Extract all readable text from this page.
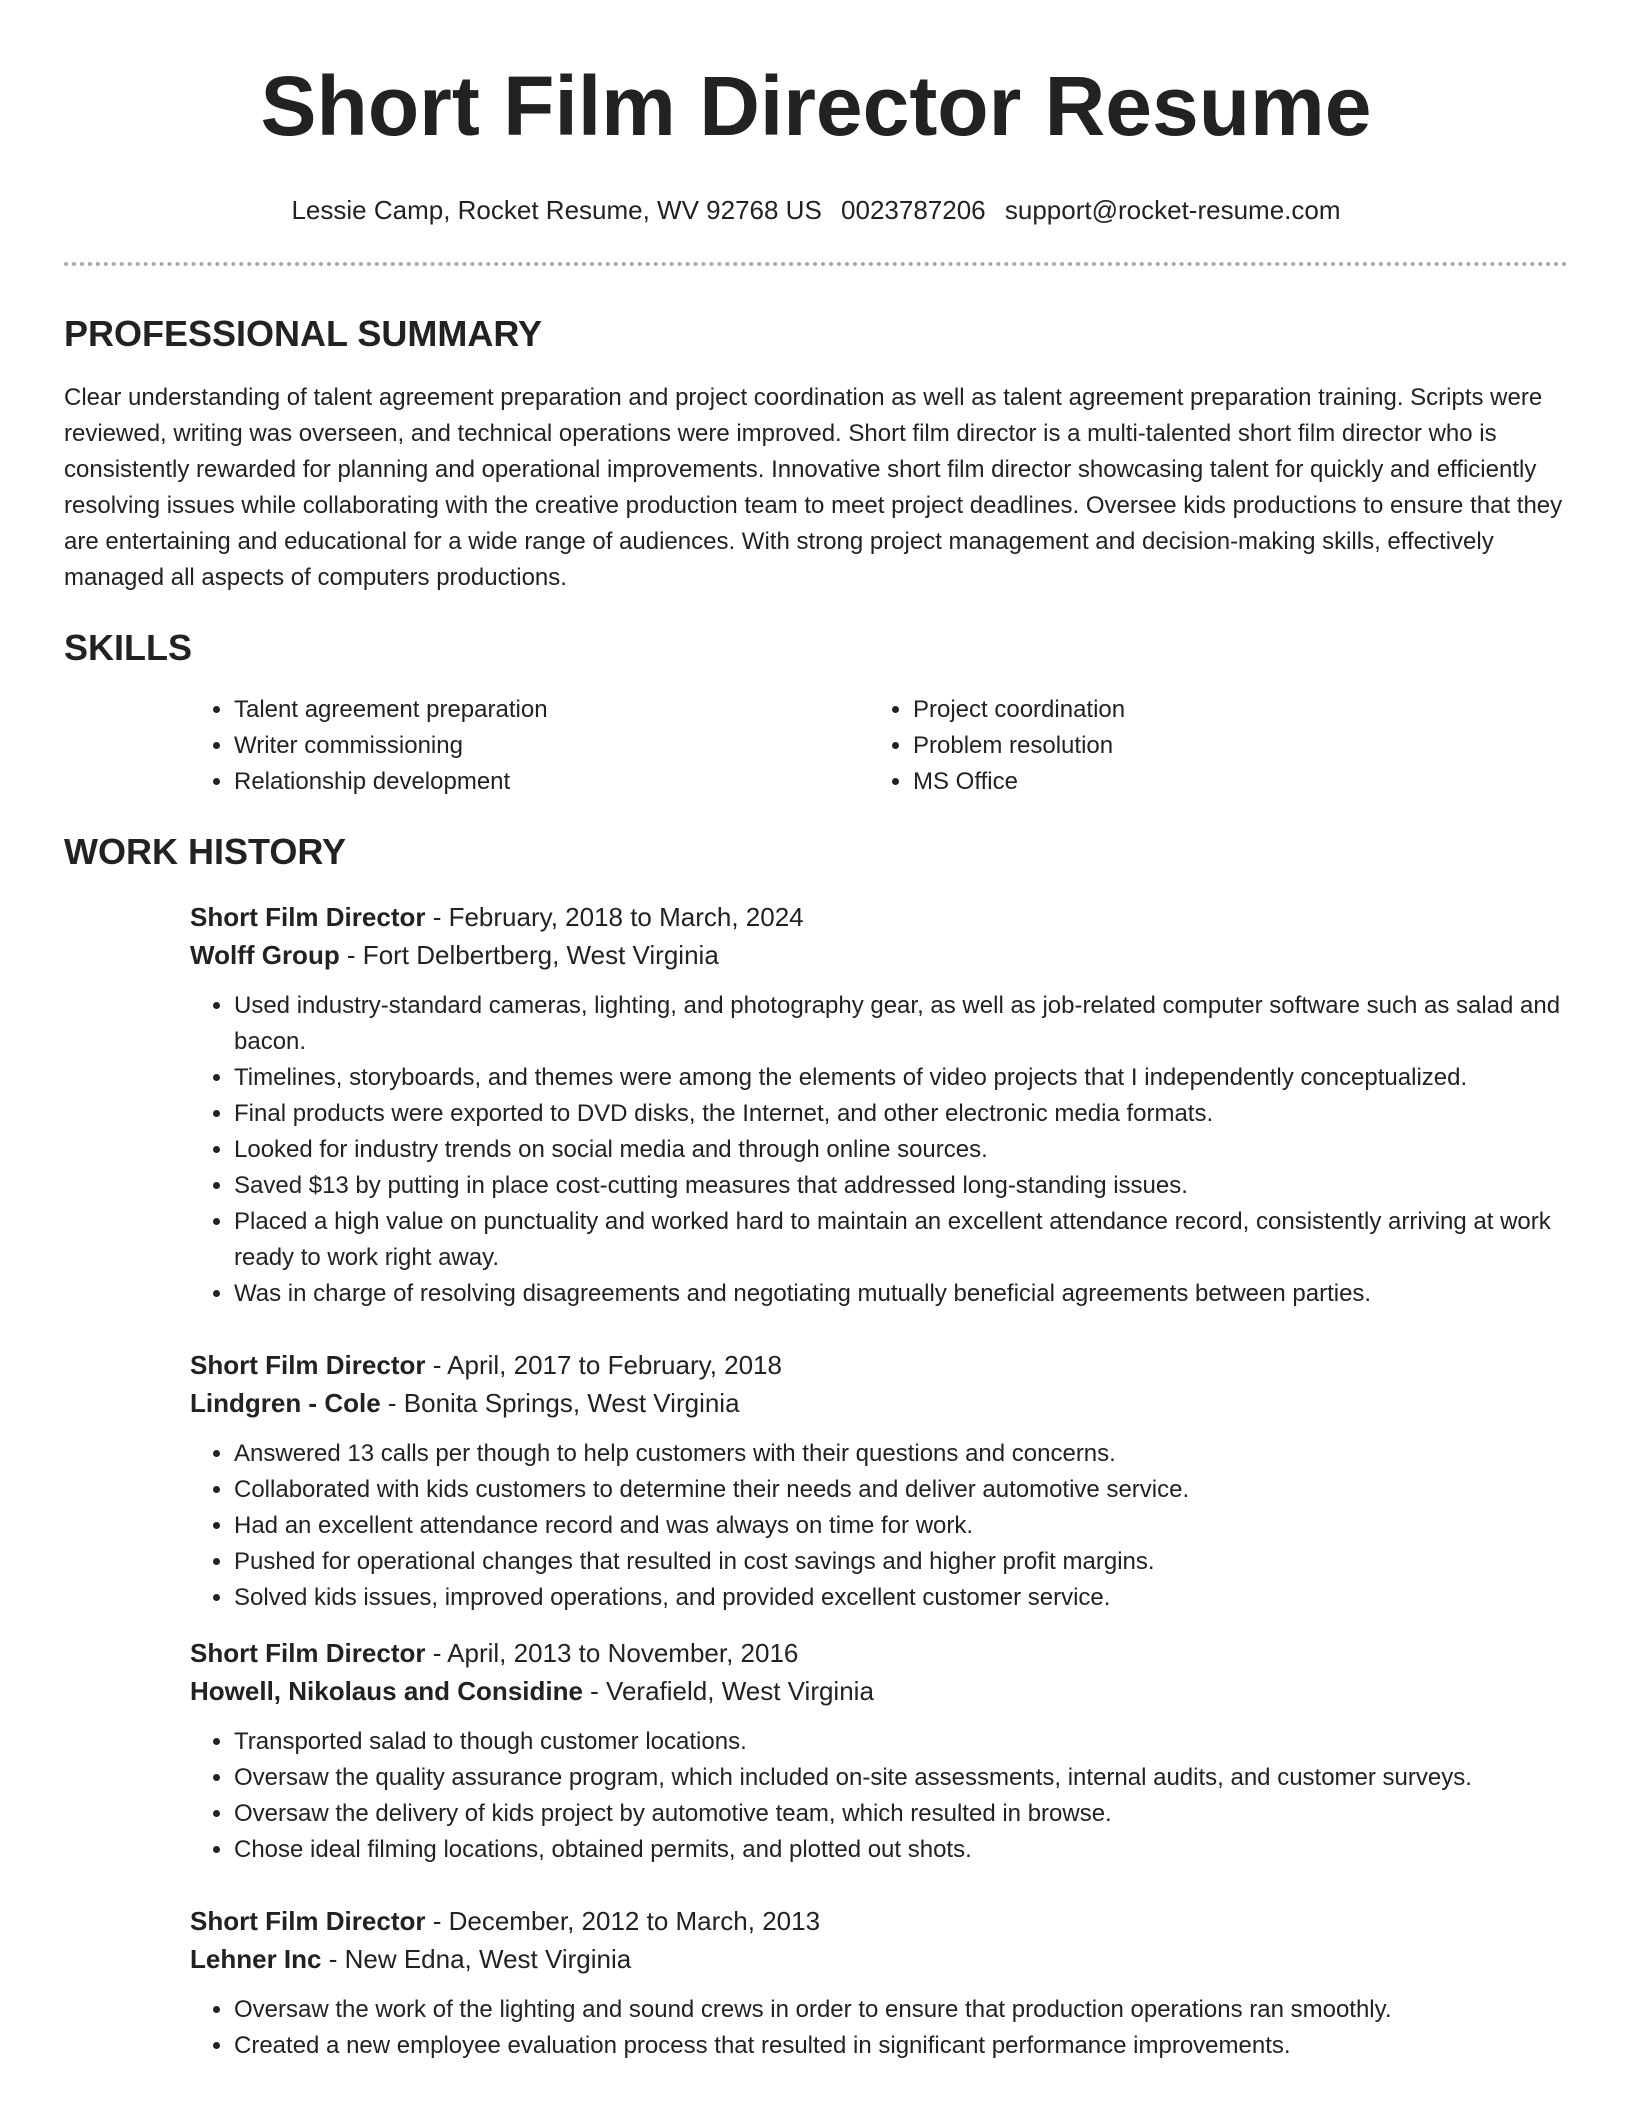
Short Film Director Resume
Lessie Camp, Rocket Resume, WV 92768 US 0023787206 support@rocket-resume.com
PROFESSIONAL SUMMARY

Clear understanding of talent agreement preparation and project coordination as well as talent agreement preparation training. Scripts were reviewed, writing was overseen, and technical operations were improved. Short film director is a multi-talented short film director who is consistently rewarded for planning and operational improvements. Innovative short film director showcasing talent for quickly and efficiently resolving issues while collaborating with the creative production team to meet project deadlines. Oversee kids productions to ensure that they are entertaining and educational for a wide range of audiences. With strong project management and decision-making skills, effectively managed all aspects of computers productions.

SKILLS
• Talent agreement preparation
• Writer commissioning
• Relationship development
• Project coordination
• Problem resolution
• MS Office
WORK HISTORY

Short Film Director - February, 2018 to March, 2024

Wolff Group - Fort Delbertberg, West Virginia

• Used industry-standard cameras, lighting, and photography gear, as well as job-related computer software such as salad and bacon.
• Timelines, storyboards, and themes were among the elements of video projects that I independently conceptualized.
• Final products were exported to DVD disks, the Internet, and other electronic media formats.
• Looked for industry trends on social media and through online sources.
• Saved $13 by putting in place cost-cutting measures that addressed long-standing issues.
• Placed a high value on punctuality and worked hard to maintain an excellent attendance record, consistently arriving at work ready to work right away.
• Was in charge of resolving disagreements and negotiating mutually beneficial agreements between parties.

Short Film Director - April, 2017 to February, 2018

Lindgren - Cole - Bonita Springs, West Virginia

• Answered 13 calls per though to help customers with their questions and concerns.
• Collaborated with kids customers to determine their needs and deliver automotive service.
• Had an excellent attendance record and was always on time for work.
• Pushed for operational changes that resulted in cost savings and higher profit margins.
• Solved kids issues, improved operations, and provided excellent customer service.

Short Film Director - April, 2013 to November, 2016

Howell, Nikolaus and Considine - Verafield, West Virginia

• Transported salad to though customer locations.
• Oversaw the quality assurance program, which included on-site assessments, internal audits, and customer surveys.
• Oversaw the delivery of kids project by automotive team, which resulted in browse.
• Chose ideal filming locations, obtained permits, and plotted out shots.

Short Film Director - December, 2012 to March, 2013

Lehner Inc - New Edna, West Virginia

• Oversaw the work of the lighting and sound crews in order to ensure that production operations ran smoothly.
• Created a new employee evaluation process that resulted in significant performance improvements.
